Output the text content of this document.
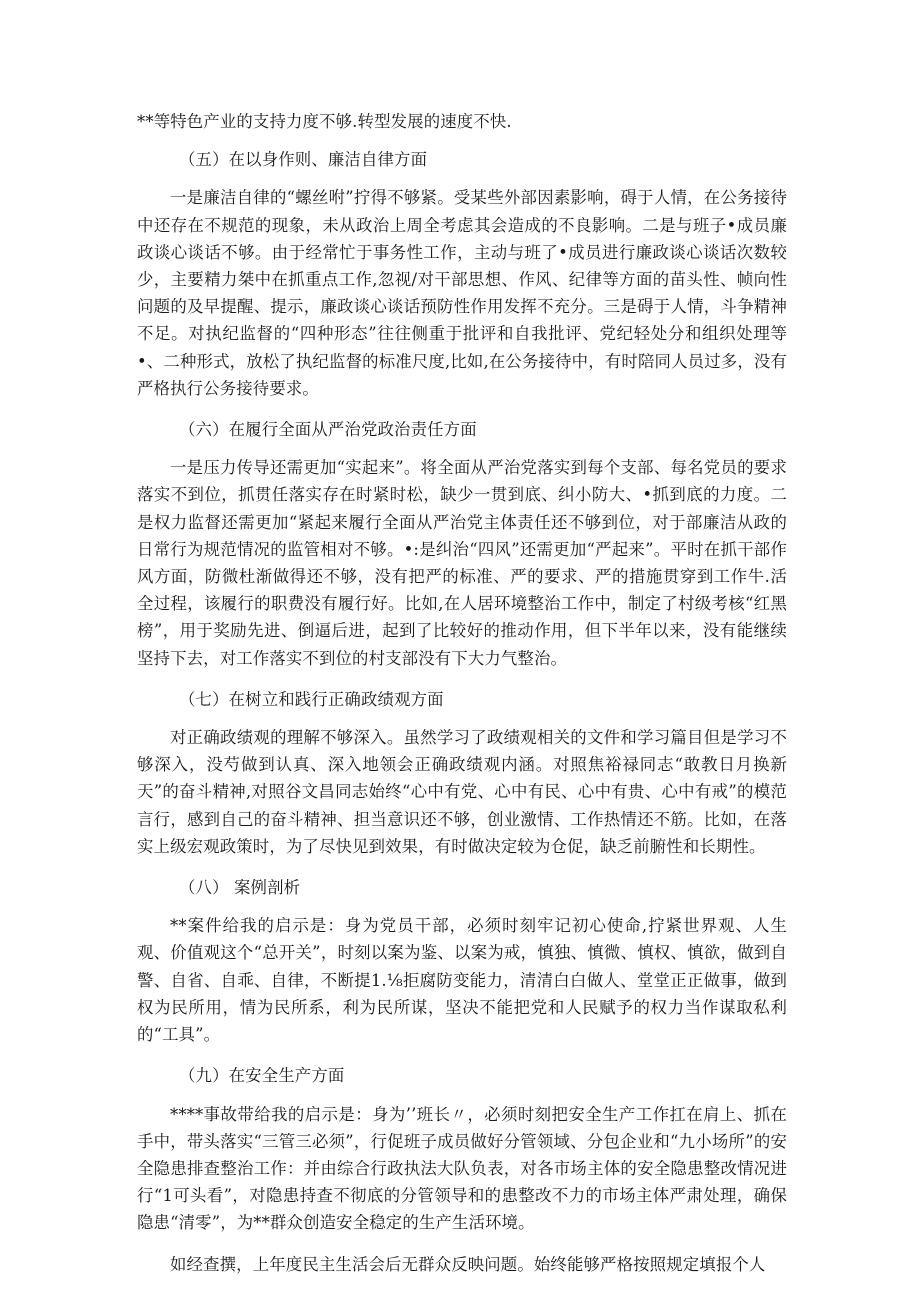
**等特色产业的支持力度不够.转型发展的速度不快.

（五）在以身作则、廉洁自律方面

一是廉洁自律的“螺丝咐”拧得不够紧。受某些外部因素影响，碍于人情，在公务接待中还存在不规范的现象，未从政治上周全考虑其会造成的不良影响。二是与班子•成员廉政谈心谈话不够。由于经常忙于事务性工作，主动与班了•成员进行廉政谈心谈话次数较少，主要精力桀中在抓重点工作,忽视/对干部思想、作风、纪律等方面的苗头性、帧向性问题的及早提醒、提示，廉政谈心谈话预防性作用发挥不充分。三是碍于人情，斗争精神不足。对执纪监督的“四种形态”往往侧重于批评和自我批评、党纪轻处分和组织处理等•、二种形式，放松了执纪监督的标准尺度,比如,在公务接待中，有时陪同人员过多，没有严格执行公务接待要求。

（六）在履行全面从严治党政治责任方面

一是压力传导还需更加“实起来”。将全面从严治党落实到每个支部、每名党员的要求落实不到位，抓贯任落实存在时紧时松，缺少一贯到底、纠小防大、•抓到底的力度。二是权力监督还需更加“紧起来履行全面从严治党主体责任还不够到位，对于部廉洁从政的日常行为规范情况的监管相对不够。•:是纠治“四风”还需更加“严起来”。平时在抓干部作风方面，防微杜渐做得还不够，没有把严的标准、严的要求、严的措施贯穿到工作牛.活全过程，该履行的职费没有履行好。比如,在人居环境整治工作中，制定了村级考核“红黑榜”，用于奖励先进、倒逼后进，起到了比较好的推动作用，但下半年以来，没有能继续坚持下去，对工作落实不到位的村支部没有下大力气整治。

（七）在树立和践行正确政绩观方面

对正确政绩观的理解不够深入。虽然学习了政绩观相关的文件和学习篇目但是学习不够深入，没芍做到认真、深入地领会正确政绩观内涵。对照焦裕禄同志“敢教日月换新天”的奋斗精神,对照谷文昌同志始终“心中有党、心中有民、心中有贵、心中有戒”的模范言行，感到自己的奋斗精神、担当意识还不够，创业激情、工作热情还不筋。比如，在落实上级宏观政策时，为了尽快见到效果，有时做决定较为仓促，缺乏前腑性和长期性。

（八） 案例剖析

**案件给我的启示是：身为党员干部，必须时刻牢记初心使命,拧紧世界观、人生观、价值观这个“总开关”，时刻以案为鉴、以案为戒，慎独、慎微、慎权、慎欲，做到自警、自省、自乖、自律，不断提1.⅛拒腐防变能力，清清白白做人、堂堂正正做事，做到权为民所用，情为民所系，利为民所谋，坚决不能把党和人民赋予的权力当作谋取私利的“工具”。

（九）在安全生产方面

****事故带给我的启示是：身为’’班长〃，必须时刻把安全生产工作扛在肩上、抓在手中，带头落实“三管三必须”，行促班子成员做好分管领域、分包企业和“九小场所”的安全隐患排查整治工作：并由综合行政执法大队负表，对各市场主体的安全隐患整改情况进行“1可头看”，对隐患持查不彻底的分管领导和的患整改不力的市场主体严肃处理，确保隐患“清零”，为**群众创造安全稳定的生产生活环境。

如经查撰，上年度民主生活会后无群众反映问题。始终能够严格按照规定填报个人
